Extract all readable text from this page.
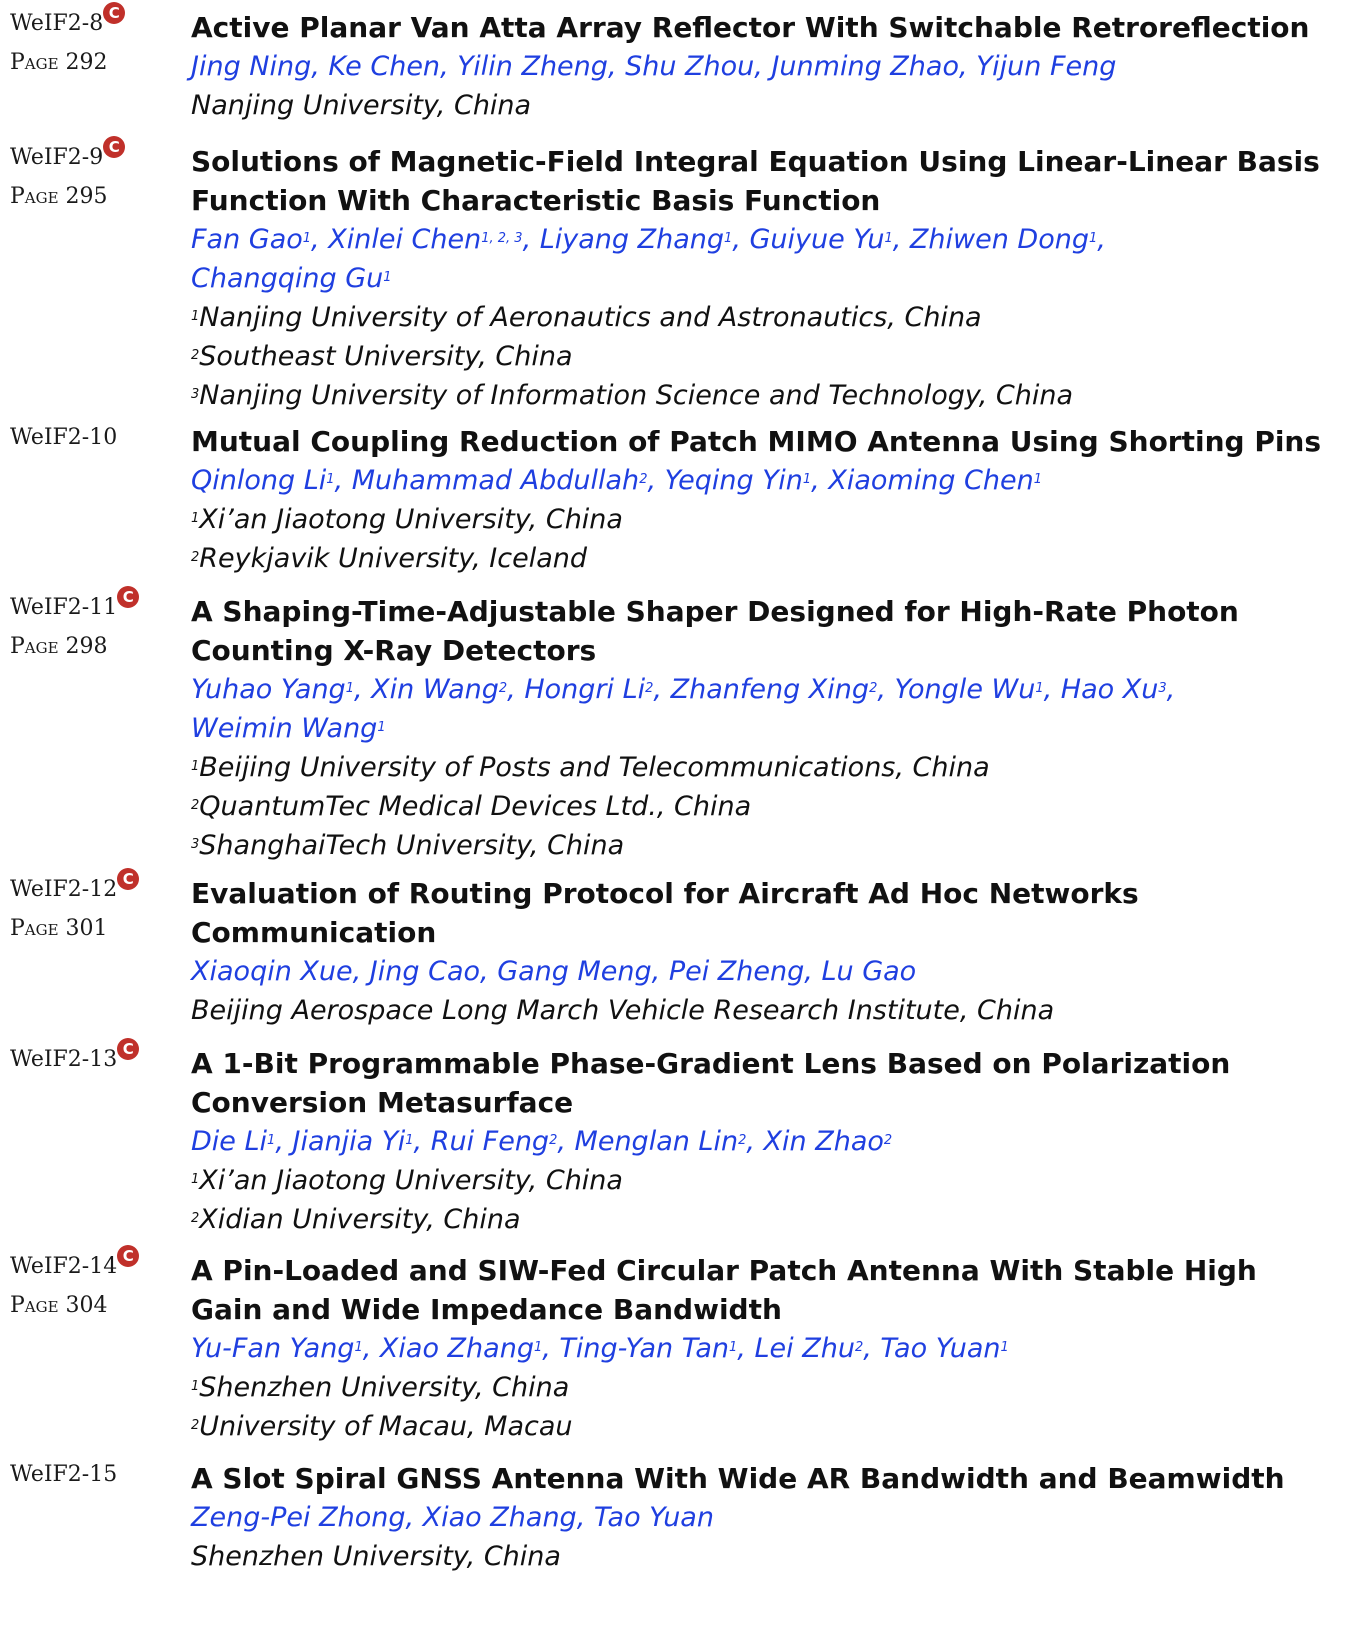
WeIF2-8 C
Page 292
Active Planar Van Atta Array Reflector With Switchable Retroreflection
Jing Ning, Ke Chen, Yilin Zheng, Shu Zhou, Junming Zhao, Yijun Feng
Nanjing University, China
WeIF2-9 C
Page 295
Solutions of Magnetic-Field Integral Equation Using Linear-Linear Basis
Function With Characteristic Basis Function
Fan Gao$^1$, Xinlei Chen$^{1, 2, 3}$, Liyang Zhang$^1$, Guiyue Yu$^1$, Zhiwen Dong$^1$,
Changqing Gu$^1$
$^1$Nanjing University of Aeronautics and Astronautics, China
$^2$Southeast University, China
$^3$Nanjing University of Information Science and Technology, China
WeIF2-10	Mutual Coupling Reduction of Patch MIMO Antenna Using Shorting Pins
Qinlong Li$^1$, Muhammad Abdullah$^2$, Yeqing Yin$^1$, Xiaoming Chen$^1$
$^1$Xi’an Jiaotong University, China
$^2$Reykjavik University, Iceland
WeIF2-11 C
Page 298
A Shaping-Time-Adjustable Shaper Designed for High-Rate Photon
Counting X-Ray Detectors
Yuhao Yang$^1$, Xin Wang$^2$, Hongri Li$^2$, Zhanfeng Xing$^2$, Yongle Wu$^1$, Hao Xu$^3$,
Weimin Wang$^1$
$^1$Beijing University of Posts and Telecommunications, China
$^2$QuantumTec Medical Devices Ltd., China
$^3$ShanghaiTech University, China
WeIF2-12 C
Page 301
Evaluation of Routing Protocol for Aircraft Ad Hoc Networks
Communication
Xiaoqin Xue, Jing Cao, Gang Meng, Pei Zheng, Lu Gao
Beijing Aerospace Long March Vehicle Research Institute, China
WeIF2-13 C A 1-Bit Programmable Phase-Gradient Lens Based on Polarization
Conversion Metasurface
Die Li$^1$, Jianjia Yi$^1$, Rui Feng$^2$, Menglan Lin$^2$, Xin Zhao$^2$
$^1$Xi’an Jiaotong University, China
$^2$Xidian University, China
WeIF2-14 C
Page 304
A Pin-Loaded and SIW-Fed Circular Patch Antenna With Stable High
Gain and Wide Impedance Bandwidth
Yu-Fan Yang$^1$, Xiao Zhang$^1$, Ting-Yan Tan$^1$, Lei Zhu$^2$, Tao Yuan$^1$
$^1$Shenzhen University, China
$^2$University of Macau, Macau
WeIF2-15	A Slot Spiral GNSS Antenna With Wide AR Bandwidth and Beamwidth
Zeng-Pei Zhong, Xiao Zhang, Tao Yuan
Shenzhen University, China
